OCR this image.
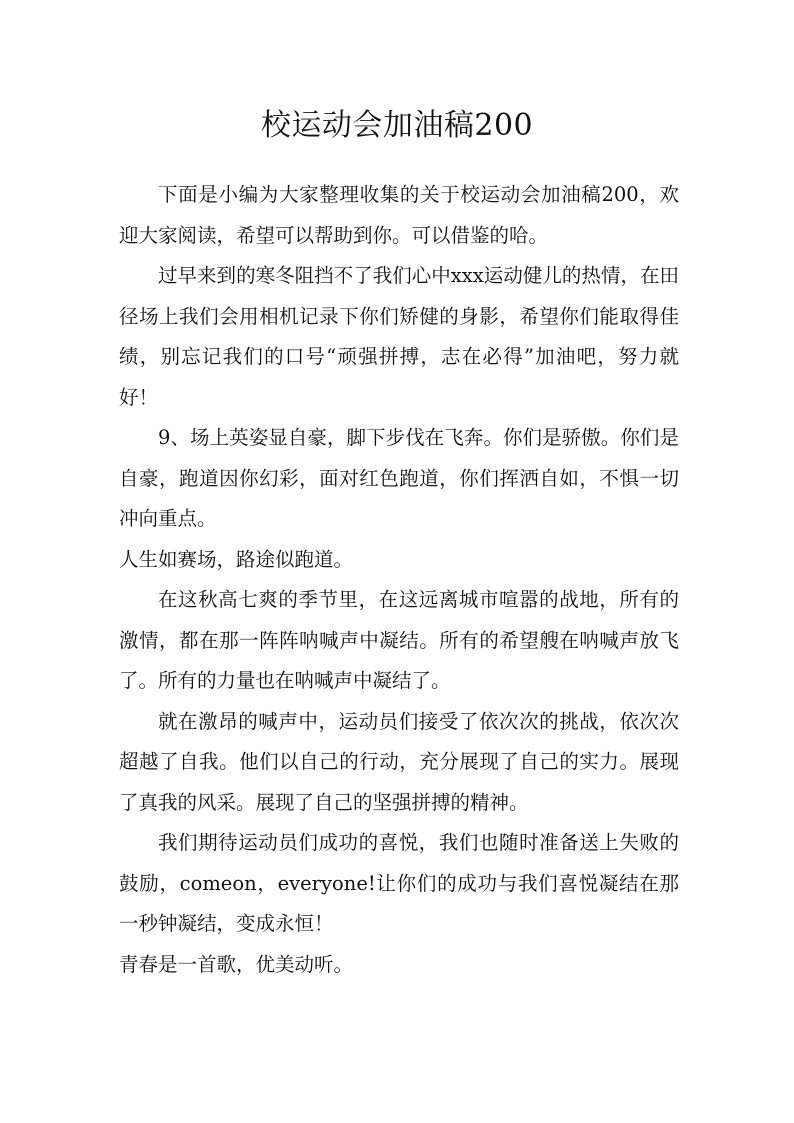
校运动会加油稿200

下面是小编为大家整理收集的关于校运动会加油稿200，欢迎大家阅读，希望可以帮助到你。可以借鉴的哈。

过早来到的寒冬阻挡不了我们心中xxx运动健儿的热情，在田径场上我们会用相机记录下你们矫健的身影，希望你们能取得佳绩，别忘记我们的口号“顽强拼搏，志在必得”加油吧，努力就好！

9、场上英姿显自豪，脚下步伐在飞奔。你们是骄傲。你们是自豪，跑道因你幻彩，面对红色跑道，你们挥洒自如，不惧一切冲向重点。

人生如赛场，路途似跑道。

在这秋高七爽的季节里，在这远离城市喧嚣的战地，所有的激情，都在那一阵阵呐喊声中凝结。所有的希望艘在呐喊声放飞了。所有的力量也在呐喊声中凝结了。

就在激昂的喊声中，运动员们接受了依次次的挑战，依次次超越了自我。他们以自己的行动，充分展现了自己的实力。展现了真我的风采。展现了自己的坚强拼搏的精神。

我们期待运动员们成功的喜悦，我们也随时准备送上失败的鼓励，comeon，everyone!让你们的成功与我们喜悦凝结在那一秒钟凝结，变成永恒！

青春是一首歌，优美动听。
